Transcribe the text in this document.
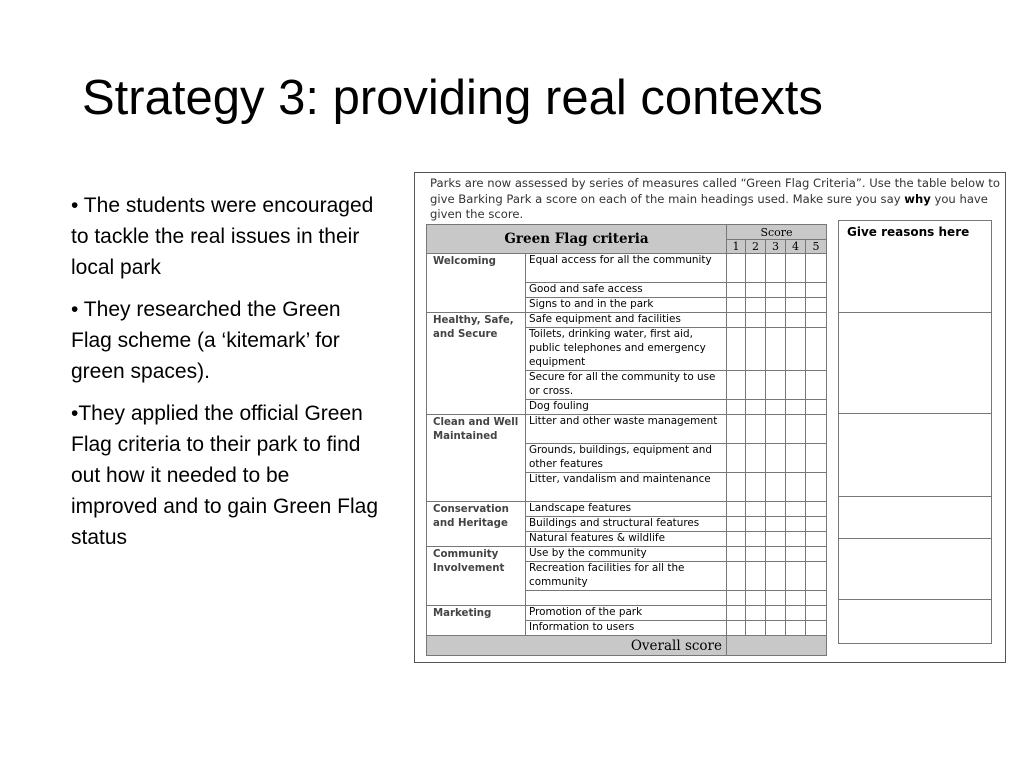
Strategy 3: providing real contexts

• The students were encouraged to tackle the real issues in their local park

• They researched the Green Flag scheme (a ‘kitemark’ for green spaces).

•They applied the official Green Flag criteria to their park to find out how it needed to be improved and to gain Green Flag status

Parks are now assessed by series of measures called “Green Flag Criteria”. Use the table below to give Barking Park a score on each of the main headings used. Make sure you say why you have given the score.
Green Flag criteria		Score				
		1	2	3	4	5
Welcoming	Equal access for all the community					
	Good and safe access					
	Signs to and in the park					
Healthy, Safe, and Secure	Safe equipment and facilities					
	Toilets, drinking water, first aid, public telephones and emergency equipment					
	Secure for all the community to use or cross.					
	Dog fouling					
Clean and Well Maintained	Litter and other waste management					
	Grounds, buildings, equipment and other features					
	Litter, vandalism and maintenance					
Conservation and Heritage	Landscape features					
	Buildings and structural features					
	Natural features & wildlife					
Community Involvement	Use by the community					
	Recreation facilities for all the community					

Marketing	Promotion of the park					
	Information to users					
Overall score						
Give reasons here
